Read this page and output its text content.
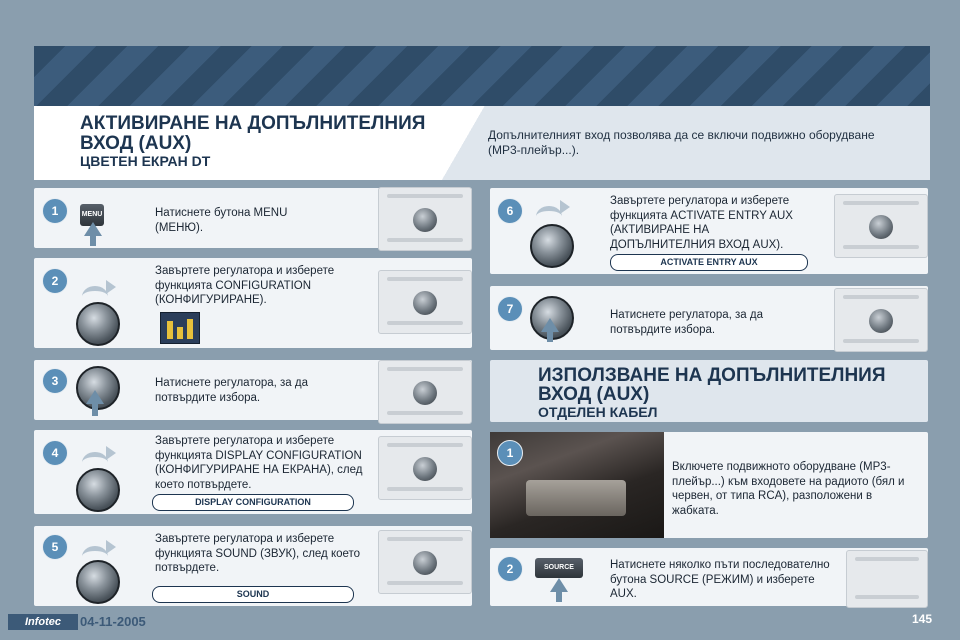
АКТИВИРАНЕ НА ДОПЪЛНИТЕЛНИЯ ВХОД (AUX)
ЦВЕТЕН ЕКРАН DT
Допълнителният вход позволява да се включи подвижно оборудване (MP3-плейър...).
1	MENU	Натиснете бутона MENU (МЕНЮ).
2
Завъртете регулатора и изберете функцията CONFIGURATION (КОНФИГУРИРАНЕ).
3	Натиснете регулатора, за да потвърдите избора.
4
Завъртете регулатора и изберете функцията DISPLAY CONFIGURATION (КОНФИГУРИРАНЕ НА ЕКРАНА), след което потвърдете.
DISPLAY CONFIGURATION
5
Завъртете регулатора и изберете функцията SOUND (ЗВУК), след което потвърдете.
SOUND
6
Завъртете регулатора и изберете функцията ACTIVATE ENTRY AUX (АКТИВИРАНЕ НА ДОПЪЛНИТЕЛНИЯ ВХОД AUX).
ACTIVATE ENTRY AUX
7	Натиснете регулатора, за да потвърдите избора.
ИЗПОЛЗВАНЕ НА ДОПЪЛНИТЕЛНИЯ ВХОД (AUX)
ОТДЕЛЕН КАБЕЛ
1
Включете подвижното оборудване (MP3-плейър...) към входовете на радиото (бял и червен, от типа RCA), разположени в жабката.
2	SOURCE	Натиснете няколко пъти последователно бутона SOURCE (РЕЖИМ) и изберете AUX.
Infotec	04-11-2005	145
